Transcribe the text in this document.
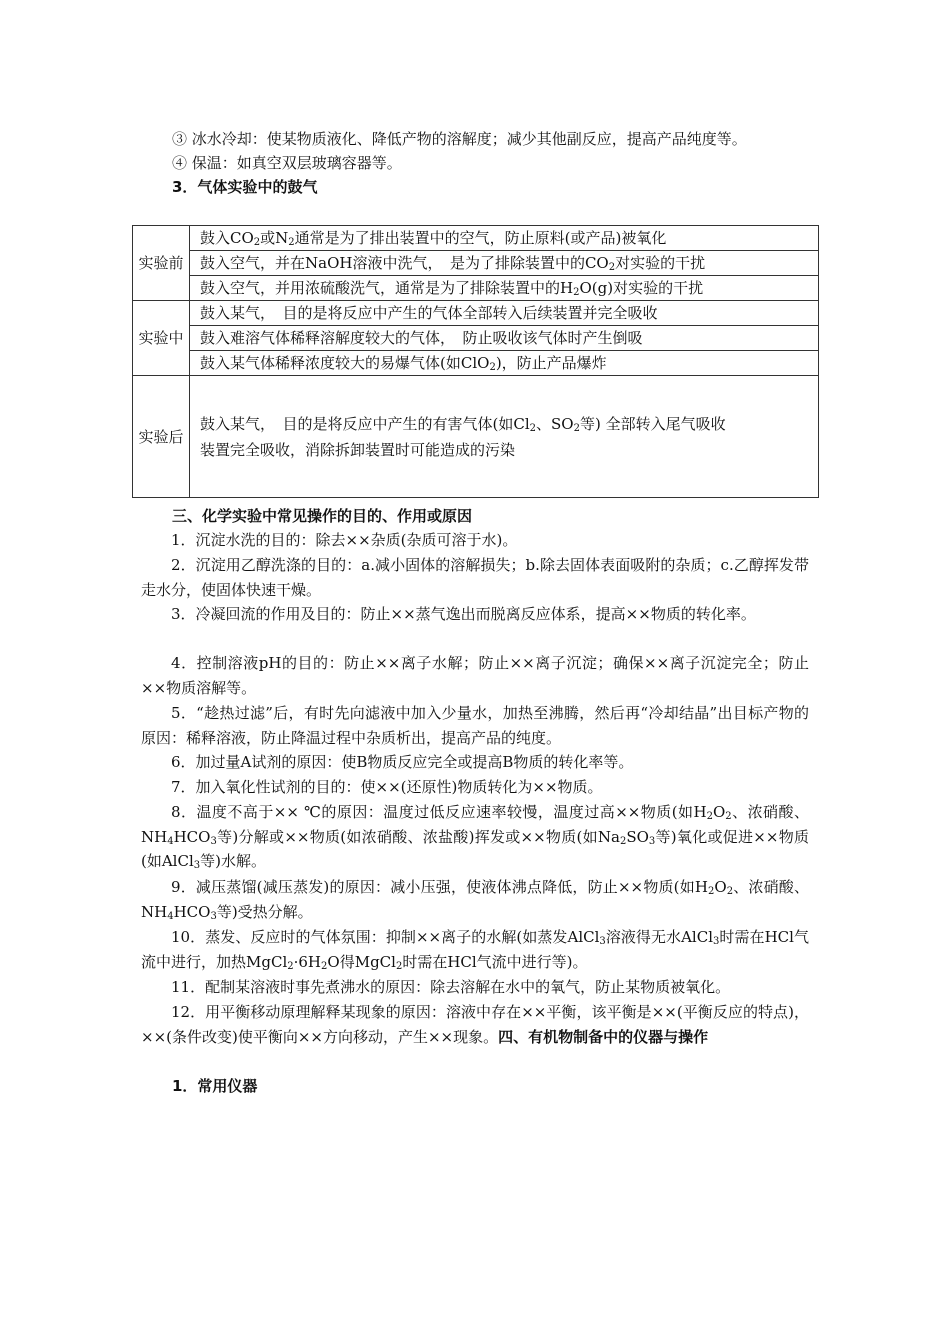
③ 冰水冷却：使某物质液化、降低产物的溶解度；减少其他副反应，提高产品纯度等。
④ 保温：如真空双层玻璃容器等。
3．气体实验中的鼓气
实验前	鼓入$CO_2$或$N_2$通常是为了排出装置中的空气，防止原料(或产品)被氧化
	鼓入空气，并在NaOH溶液中洗气，　是为了排除装置中的$CO_2$对实验的干扰
	鼓入空气，并用浓硫酸洗气，通常是为了排除装置中的$H_2O(g)$对实验的干扰
实验中	鼓入某气，　目的是将反应中产生的气体全部转入后续装置并完全吸收
	鼓入难溶气体稀释溶解度较大的气体，　防止吸收该气体时产生倒吸
	鼓入某气体稀释浓度较大的易爆气体(如ClO$_2$)，防止产品爆炸
实验后	鼓入某气，　目的是将反应中产生的有害气体(如$Cl_2$、$SO_2$等) 全部转入尾气吸收
装置完全吸收，消除拆卸装置时可能造成的污染
三、化学实验中常见操作的目的、作用或原因
1．沉淀水洗的目的：除去××杂质(杂质可溶于水)。
2．沉淀用乙醇洗涤的目的：a.减小固体的溶解损失；b.除去固体表面吸附的杂质；c.乙醇挥发带走水分，使固体快速干燥。
3．冷凝回流的作用及目的：防止××蒸气逸出而脱离反应体系，提高××物质的转化率。
4．控制溶液pH的目的：防止××离子水解；防止××离子沉淀；确保××离子沉淀完全；防止××物质溶解等。
5．“趁热过滤”后，有时先向滤液中加入少量水，加热至沸腾，然后再“冷却结晶”出目标产物的原因：稀释溶液，防止降温过程中杂质析出，提高产品的纯度。
6．加过量A试剂的原因：使B物质反应完全或提高B物质的转化率等。
7．加入氧化性试剂的目的：使××(还原性)物质转化为××物质。
8．温度不高于×× ℃的原因：温度过低反应速率较慢，温度过高××物质(如$H_2O_2$、浓硝酸、$NH_4HCO_3$等)分解或××物质(如浓硝酸、浓盐酸)挥发或××物质(如$Na_2SO_3$等)氧化或促进××物质(如AlCl$_3$等)水解。
9．减压蒸馏(减压蒸发)的原因：减小压强，使液体沸点降低，防止××物质(如$H_2O_2$、浓硝酸、$NH_4HCO_3$等)受热分解。
10．蒸发、反应时的气体氛围：抑制××离子的水解(如蒸发AlCl$_3$溶液得无水AlCl$_3$时需在HCl气流中进行，加热$MgCl_2\cdot 6H_2O$得MgCl$_2$时需在HCl气流中进行等)。
11．配制某溶液时事先煮沸水的原因：除去溶解在水中的氧气，防止某物质被氧化。
12．用平衡移动原理解释某现象的原因：溶液中存在××平衡，该平衡是××(平衡反应的特点)，××(条件改变)使平衡向××方向移动，产生××现象。四、有机物制备中的仪器与操作
1．常用仪器
